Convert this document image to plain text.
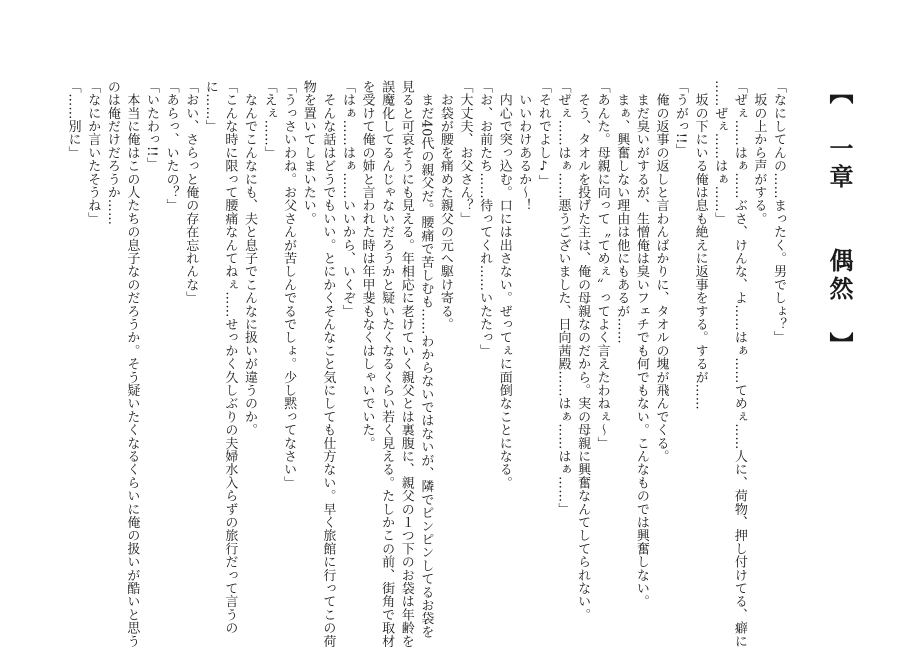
【　一章　　偶然　】

「なにしてんの……まったく。男でしょ？」

　坂の上から声がする。

「ぜぇ……はぁ……ぶさ、けんな、よ……はぁ……てめぇ……人に、荷物、押し付けてる、癖に

……ぜぇ……はぁ……」

　坂の下にいる俺は息も絶えに返事をする。するが……

「うがっ!!」

　俺の返事の返しと言わんばかりに、タオルの塊が飛んでくる。

　まだ臭いがするが、生憎俺は臭いフェチでも何でもない。こんなものでは興奮しない。

　まぁ、興奮しない理由は他にもあるが……

「あんた。母親に向って〝てめぇ〟ってよく言えたわねぇ～」

　そう、タオルを投げた主は、俺の母親なのだから。実の母親に興奮なんてしてられない。

「ぜぇ……はぁ……悪うございました、日向茜殿……はぁ……はぁ……」

「それでよし♪」

　いいわけあるか～！

　内心で突っ込む。口には出さない。ぜってぇに面倒なことになる。

「お、お前たち……待ってくれ……いたたっ」

「大丈夫、お父さん？」

　お袋が腰を痛めた親父の元へ駆け寄る。

　まだ40代の親父だ。腰痛で苦しむも……わからないではないが、隣でピンピンしてるお袋を

見ると可哀そうにも見える。年相応に老けていく親父とは裏腹に、親父の１つ下のお袋は年齢を

誤魔化してるんじゃないだろうかと疑いたくなるくらい若く見える。たしかこの前、街角で取材

を受けて俺の姉と言われた時は年甲斐もなくはしゃいでいた。

「はぁ……はぁ……いいから、いくぞ」

　そんな話はどうでもいい。とにかくそんなこと気にしても仕方ない。早く旅館に行ってこの荷

物を置いてしまいたい。

「うっさいわね。お父さんが苦しんでるでしょ。少し黙ってなさい」

「えぇ……」

　なんでこんなにも、夫と息子でこんなに扱いが違うのか。

「こんな時に限って腰痛なんてねぇ……せっかく久しぶりの夫婦水入らずの旅行だって言うの

に……」

「おい、さらっと俺の存在忘れんな」

「あらっ、いたの？」

「いたわっ!!」

　本当に俺はこの人たちの息子なのだろうか。そう疑いたくなるくらいに俺の扱いが酷いと思う

のは俺だけだろうか……

「なにか言いたそうね」

「……別に」
